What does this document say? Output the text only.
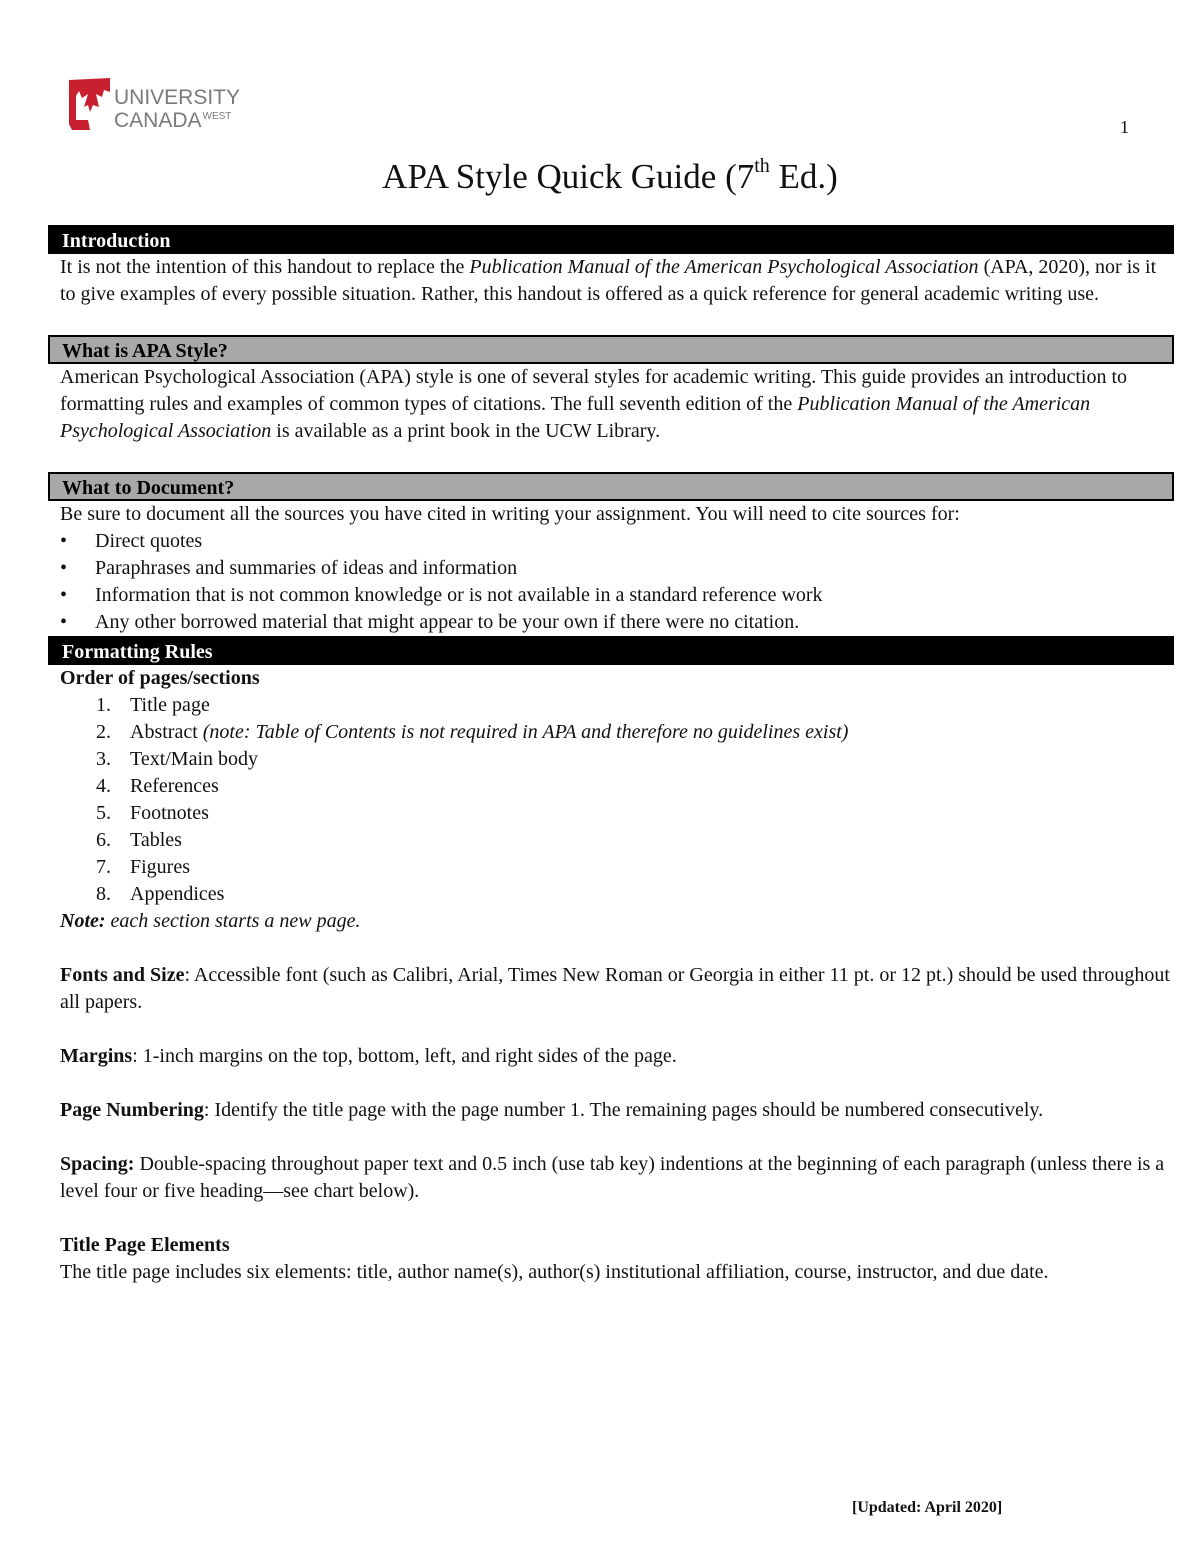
UNIVERSITY
$CANADA^{WEST}$
1
APA Style Quick Guide (7th Ed.)
Introduction
It is not the intention of this handout to replace the Publication Manual of the American Psychological Association (APA, 2020), nor is it to give examples of every possible situation. Rather, this handout is offered as a quick reference for general academic writing use.
What is APA Style?
American Psychological Association (APA) style is one of several styles for academic writing. This guide provides an introduction to formatting rules and examples of common types of citations. The full seventh edition of the Publication Manual of the American Psychological Association is available as a print book in the UCW Library.
What to Document?
Be sure to document all the sources you have cited in writing your assignment. You will need to cite sources for:
• Direct quotes
• Paraphrases and summaries of ideas and information
• Information that is not common knowledge or is not available in a standard reference work
• Any other borrowed material that might appear to be your own if there were no citation.
Formatting Rules
Order of pages/sections
1. Title page
2. Abstract (note: Table of Contents is not required in APA and therefore no guidelines exist)
3. Text/Main body
4. References
5. Footnotes
6. Tables
7. Figures
8. Appendices
Note: each section starts a new page.
Fonts and Size: Accessible font (such as Calibri, Arial, Times New Roman or Georgia in either 11 pt. or 12 pt.) should be used throughout all papers.
Margins: 1-inch margins on the top, bottom, left, and right sides of the page.
Page Numbering: Identify the title page with the page number 1. The remaining pages should be numbered consecutively.
Spacing: Double-spacing throughout paper text and 0.5 inch (use tab key) indentions at the beginning of each paragraph (unless there is a level four or five heading—see chart below).
Title Page Elements
The title page includes six elements: title, author name(s), author(s) institutional affiliation, course, instructor, and due date.
[Updated: April 2020]
